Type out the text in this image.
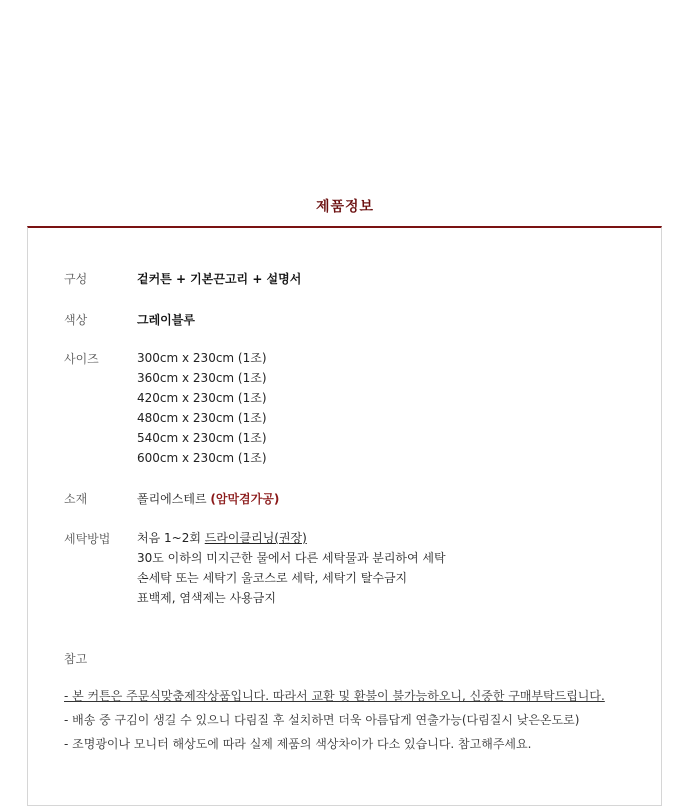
제품정보
구성	겉커튼 + 기본끈고리 + 설명서
색상	그레이블루
사이즈	300cm x 230cm (1조)
360cm x 230cm (1조)
420cm x 230cm (1조)
480cm x 230cm (1조)
540cm x 230cm (1조)
600cm x 230cm (1조)
소재	폴리에스테르 (암막겸가공)
세탁방법	처음 1~2회 드라이클리닝(권장)
30도 이하의 미지근한 물에서 다른 세탁물과 분리하여 세탁
손세탁 또는 세탁기 울코스로 세탁, 세탁기 탈수금지
표백제, 염색제는 사용금지
참고
- 본 커튼은 주문식맞춤제작상품입니다. 따라서 교환 및 환불이 불가능하오니, 신중한 구매부탁드립니다.
- 배송 중 구김이 생길 수 있으니 다림질 후 설치하면 더욱 아름답게 연출가능(다림질시 낮은온도로)
- 조명광이나 모니터 해상도에 따라 실제 제품의 색상차이가 다소 있습니다. 참고해주세요.
